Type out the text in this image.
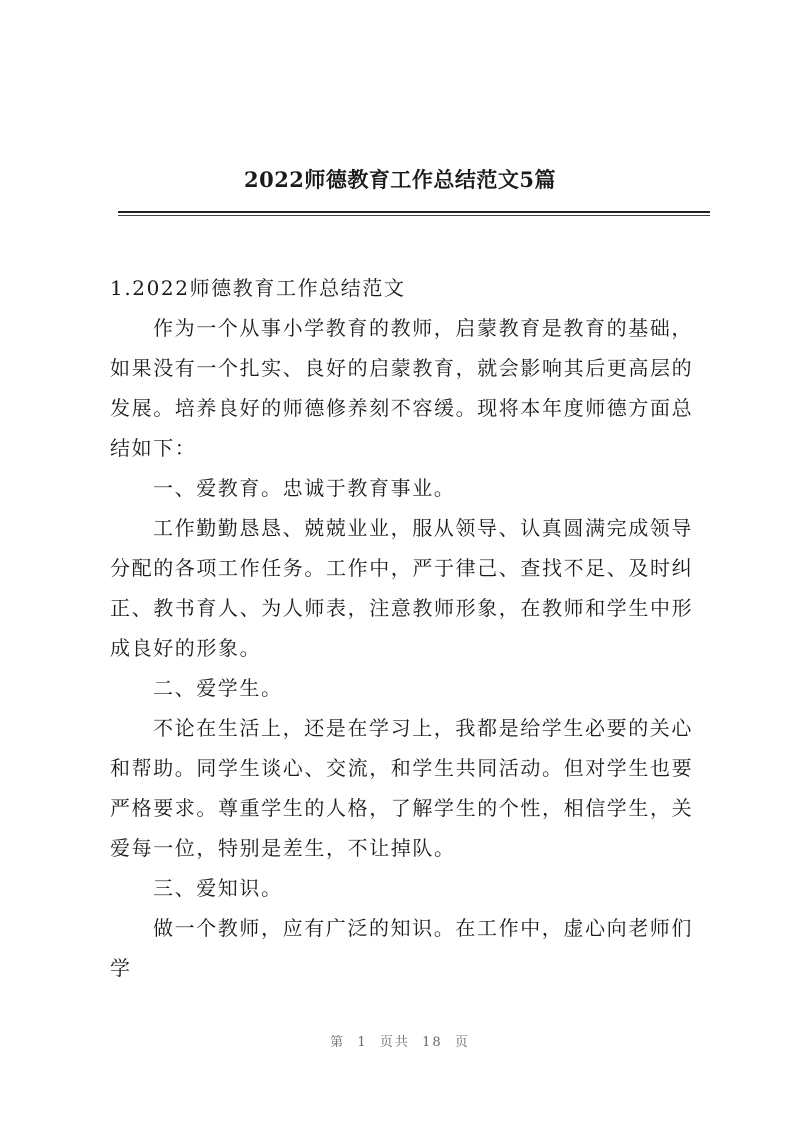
2022师德教育工作总结范文5篇

1.2022师德教育工作总结范文

作为一个从事小学教育的教师，启蒙教育是教育的基础，如果没有一个扎实、良好的启蒙教育，就会影响其后更高层的发展。培养良好的师德修养刻不容缓。现将本年度师德方面总结如下：

一、爱教育。忠诚于教育事业。

工作勤勤恳恳、兢兢业业，服从领导、认真圆满完成领导分配的各项工作任务。工作中，严于律己、查找不足、及时纠正、教书育人、为人师表，注意教师形象，在教师和学生中形成良好的形象。

二、爱学生。

不论在生活上，还是在学习上，我都是给学生必要的关心和帮助。同学生谈心、交流，和学生共同活动。但对学生也要严格要求。尊重学生的人格，了解学生的个性，相信学生，关爱每一位，特别是差生，不让掉队。

三、爱知识。

做一个教师，应有广泛的知识。在工作中，虚心向老师们学

第  1  页共  18  页
